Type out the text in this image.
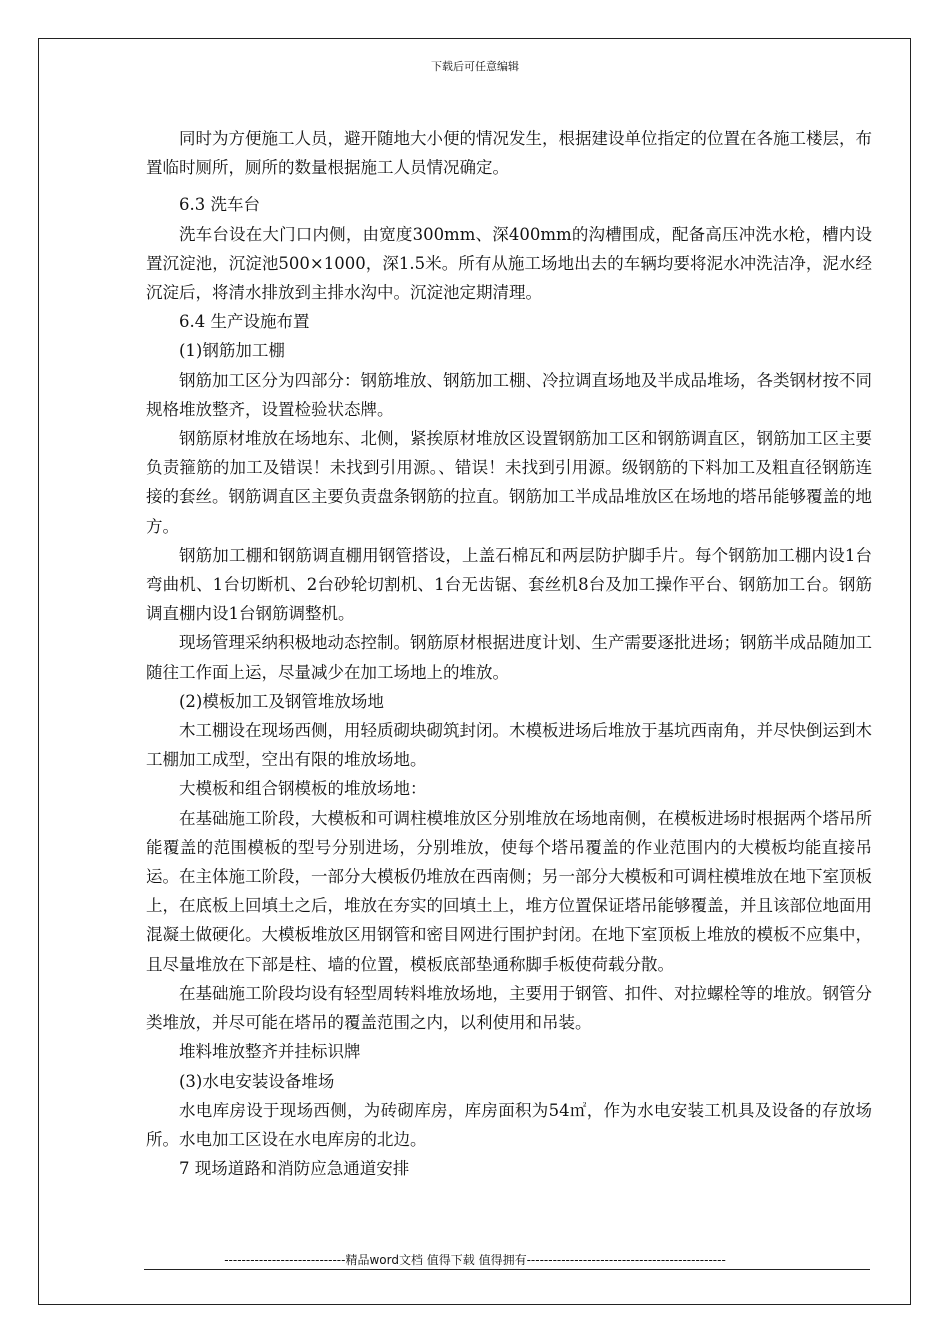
下载后可任意编辑

同时为方便施工人员，避开随地大小便的情况发生，根据建设单位指定的位置在各施工楼层，布置临时厕所，厕所的数量根据施工人员情况确定。

6.3 洗车台

洗车台设在大门口内侧，由宽度300mm、深400mm的沟槽围成，配备高压冲洗水枪，槽内设置沉淀池，沉淀池500×1000，深1.5米。所有从施工场地出去的车辆均要将泥水冲洗洁净，泥水经沉淀后，将清水排放到主排水沟中。沉淀池定期清理。

6.4 生产设施布置

(1)钢筋加工棚

钢筋加工区分为四部分：钢筋堆放、钢筋加工棚、冷拉调直场地及半成品堆场，各类钢材按不同规格堆放整齐，设置检验状态牌。

钢筋原材堆放在场地东、北侧，紧挨原材堆放区设置钢筋加工区和钢筋调直区，钢筋加工区主要负责箍筋的加工及错误！未找到引用源。、错误！未找到引用源。级钢筋的下料加工及粗直径钢筋连接的套丝。钢筋调直区主要负责盘条钢筋的拉直。钢筋加工半成品堆放区在场地的塔吊能够覆盖的地方。

钢筋加工棚和钢筋调直棚用钢管搭设，上盖石棉瓦和两层防护脚手片。每个钢筋加工棚内设1台弯曲机、1台切断机、2台砂轮切割机、1台无齿锯、套丝机8台及加工操作平台、钢筋加工台。钢筋调直棚内设1台钢筋调整机。

现场管理采纳积极地动态控制。钢筋原材根据进度计划、生产需要逐批进场；钢筋半成品随加工随往工作面上运，尽量减少在加工场地上的堆放。

(2)模板加工及钢管堆放场地

木工棚设在现场西侧，用轻质砌块砌筑封闭。木模板进场后堆放于基坑西南角，并尽快倒运到木工棚加工成型，空出有限的堆放场地。

大模板和组合钢模板的堆放场地：

在基础施工阶段，大模板和可调柱模堆放区分别堆放在场地南侧，在模板进场时根据两个塔吊所能覆盖的范围模板的型号分别进场，分别堆放，使每个塔吊覆盖的作业范围内的大模板均能直接吊运。在主体施工阶段，一部分大模板仍堆放在西南侧；另一部分大模板和可调柱模堆放在地下室顶板上，在底板上回填土之后，堆放在夯实的回填土上，堆方位置保证塔吊能够覆盖，并且该部位地面用混凝土做硬化。大模板堆放区用钢管和密目网进行围护封闭。在地下室顶板上堆放的模板不应集中，且尽量堆放在下部是柱、墙的位置，模板底部垫通称脚手板使荷载分散。

在基础施工阶段均设有轻型周转料堆放场地，主要用于钢管、扣件、对拉螺栓等的堆放。钢管分类堆放，并尽可能在塔吊的覆盖范围之内，以利使用和吊装。

堆料堆放整齐并挂标识牌

(3)水电安装设备堆场

水电库房设于现场西侧，为砖砌库房，库房面积为54㎡，作为水电安装工机具及设备的存放场所。水电加工区设在水电库房的北边。

7 现场道路和消防应急通道安排

----------------------------精品word文档 值得下载 值得拥有----------------------------------------------
